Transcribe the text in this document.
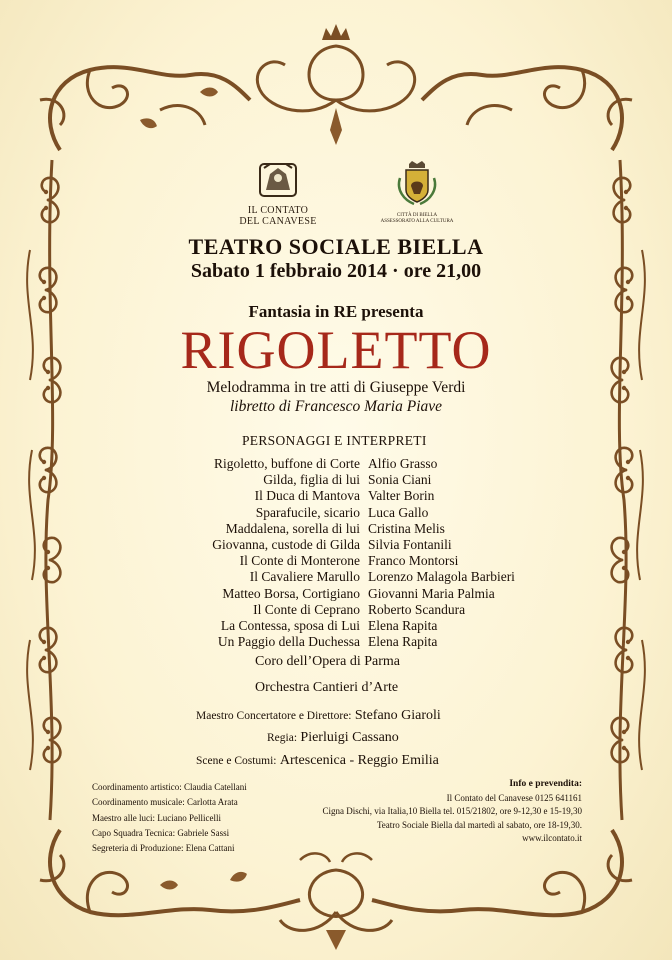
IL CONTATO
DEL CANAVESE
CITTÀ DI BIELLA
ASSESSORATO ALLA CULTURA
TEATRO SOCIALE BIELLA
Sabato 1 febbraio 2014 · ore 21,00
Fantasia in RE presenta
RIGOLETTO
Melodramma in tre atti di Giuseppe Verdi
libretto di Francesco Maria Piave
PERSONAGGI E INTERPRETI
Rigoletto, buffone di Corte Alfio Grasso
Gilda, figlia di lui Sonia Ciani
Il Duca di Mantova Valter Borin
Sparafucile, sicario Luca Gallo
Maddalena, sorella di lui Cristina Melis
Giovanna, custode di Gilda Silvia Fontanili
Il Conte di Monterone Franco Montorsi
Il Cavaliere Marullo Lorenzo Malagola Barbieri
Matteo Borsa, Cortigiano Giovanni Maria Palmia
Il Conte di Ceprano Roberto Scandura
La Contessa, sposa di Lui Elena Rapita
Un Paggio della Duchessa Elena Rapita
Coro dell’Opera di Parma
Orchestra Cantieri d’Arte
Maestro Concertatore e Direttore: Stefano Giaroli
Regia: Pierluigi Cassano
Scene e Costumi: Artescenica - Reggio Emilia
Coordinamento artistico: Claudia Catellani
Coordinamento musicale: Carlotta Arata
Maestro alle luci: Luciano Pellicelli
Capo Squadra Tecnica: Gabriele Sassi
Segreteria di Produzione: Elena Cattani
Info e prevendita:
Il Contato del Canavese 0125 641161
Cigna Dischi, via Italia,10 Biella tel. 015/21802, ore 9-12,30 e 15-19,30
Teatro Sociale Biella dal martedì al sabato, ore 18-19,30.
www.ilcontato.it
